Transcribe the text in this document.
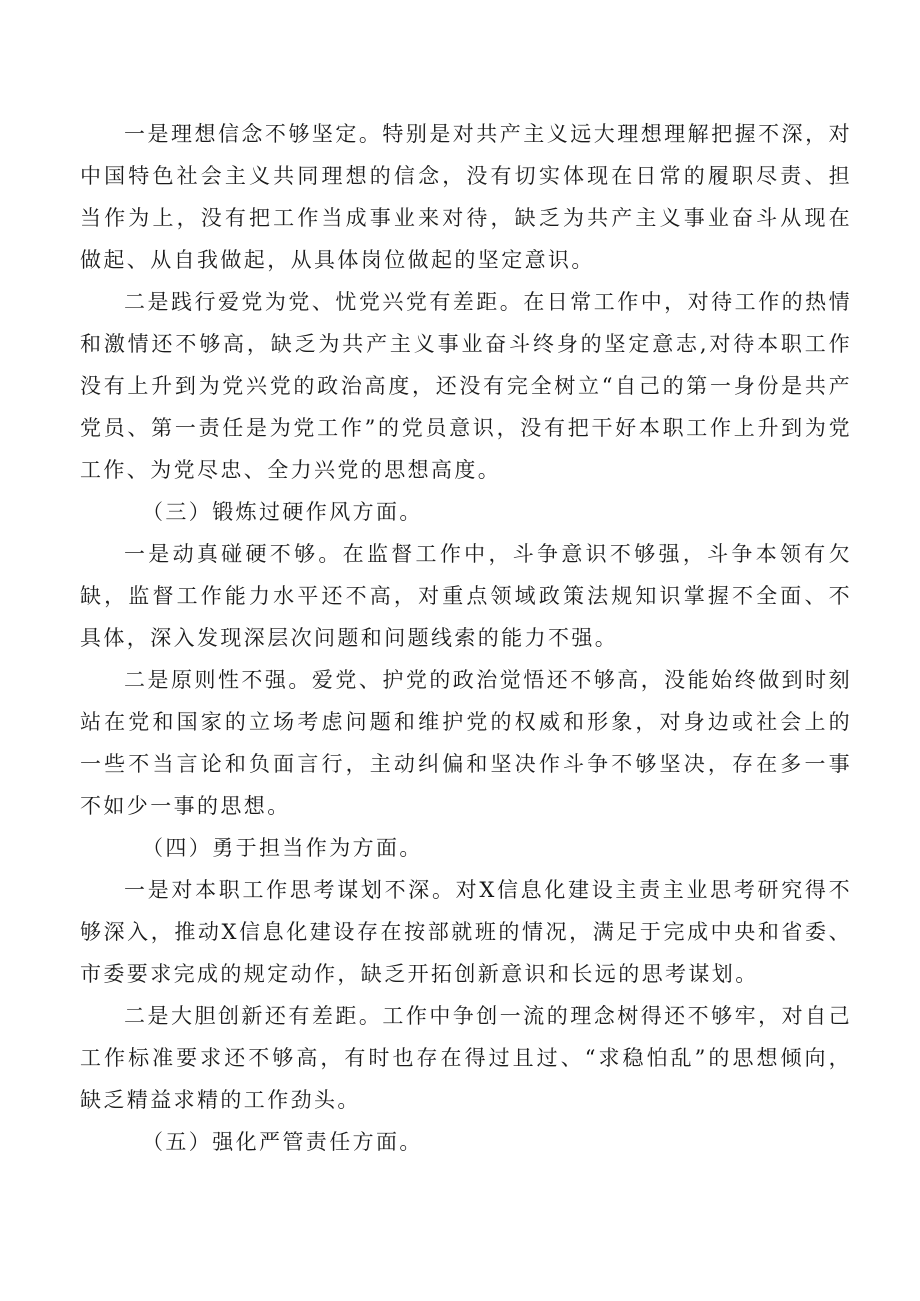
一是理想信念不够坚定。特别是对共产主义远大理想理解把握不深，对中国特色社会主义共同理想的信念，没有切实体现在日常的履职尽责、担当作为上，没有把工作当成事业来对待，缺乏为共产主义事业奋斗从现在做起、从自我做起，从具体岗位做起的坚定意识。

二是践行爱党为党、忧党兴党有差距。在日常工作中，对待工作的热情和激情还不够高，缺乏为共产主义事业奋斗终身的坚定意志,对待本职工作没有上升到为党兴党的政治高度，还没有完全树立“自己的第一身份是共产党员、第一责任是为党工作”的党员意识，没有把干好本职工作上升到为党工作、为党尽忠、全力兴党的思想高度。

（三）锻炼过硬作风方面。

一是动真碰硬不够。在监督工作中，斗争意识不够强，斗争本领有欠缺，监督工作能力水平还不高，对重点领域政策法规知识掌握不全面、不具体，深入发现深层次问题和问题线索的能力不强。

二是原则性不强。爱党、护党的政治觉悟还不够高，没能始终做到时刻站在党和国家的立场考虑问题和维护党的权威和形象，对身边或社会上的一些不当言论和负面言行，主动纠偏和坚决作斗争不够坚决，存在多一事不如少一事的思想。

（四）勇于担当作为方面。

一是对本职工作思考谋划不深。对X信息化建设主责主业思考研究得不够深入，推动X信息化建设存在按部就班的情况，满足于完成中央和省委、市委要求完成的规定动作，缺乏开拓创新意识和长远的思考谋划。

二是大胆创新还有差距。工作中争创一流的理念树得还不够牢，对自己工作标准要求还不够高，有时也存在得过且过、“求稳怕乱”的思想倾向，缺乏精益求精的工作劲头。

（五）强化严管责任方面。
